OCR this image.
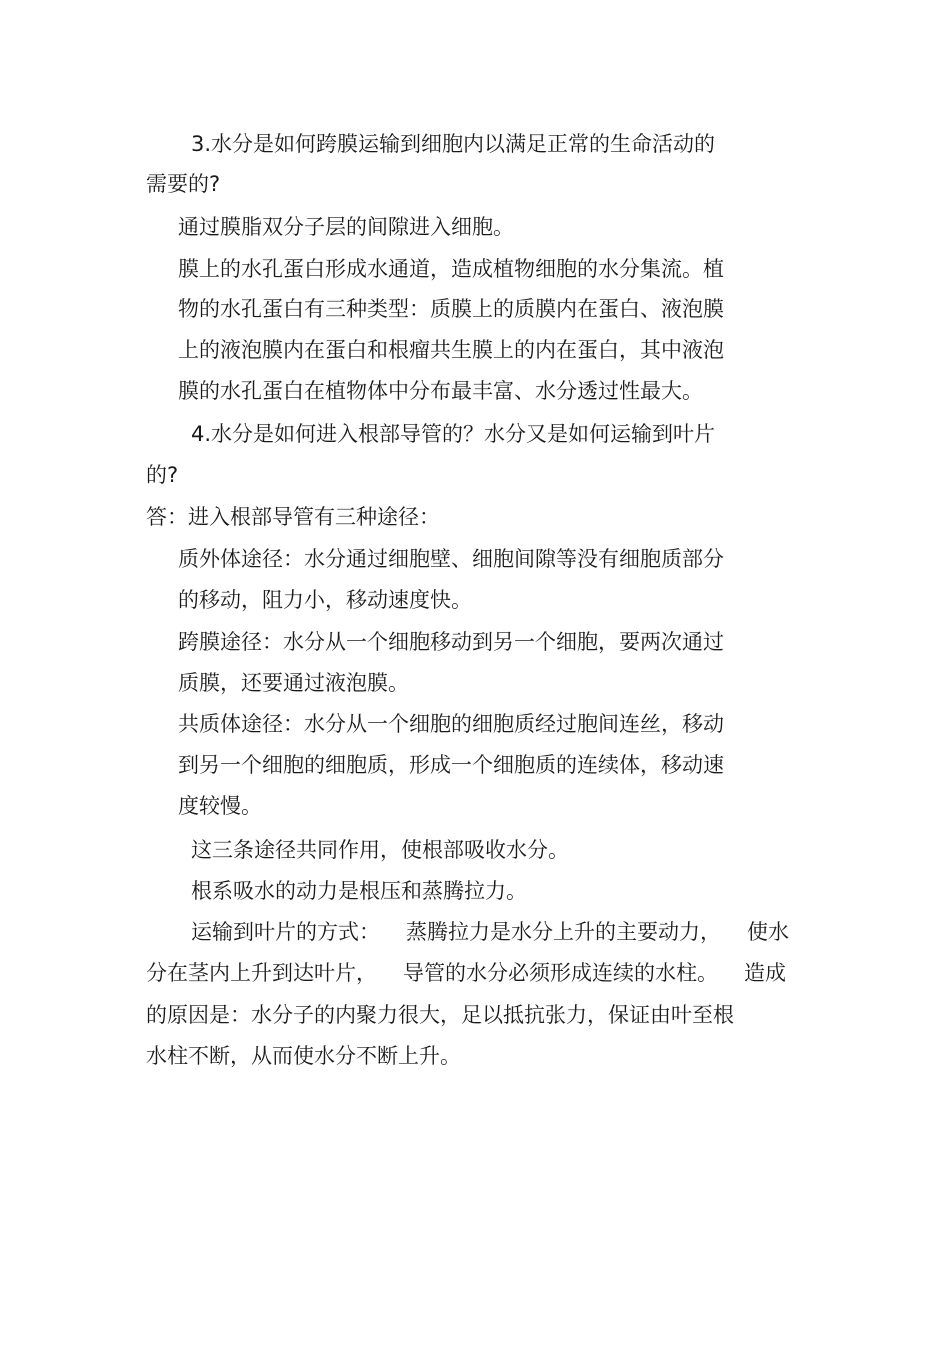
3.水分是如何跨膜运输到细胞内以满足正常的生命活动的

需要的?

通过膜脂双分子层的间隙进入细胞。

膜上的水孔蛋白形成水通道，造成植物细胞的水分集流。植

物的水孔蛋白有三种类型：质膜上的质膜内在蛋白、液泡膜

上的液泡膜内在蛋白和根瘤共生膜上的内在蛋白，其中液泡

膜的水孔蛋白在植物体中分布最丰富、水分透过性最大。

4.水分是如何进入根部导管的？水分又是如何运输到叶片

的?

答：进入根部导管有三种途径：

质外体途径：水分通过细胞壁、细胞间隙等没有细胞质部分

的移动，阻力小，移动速度快。

跨膜途径：水分从一个细胞移动到另一个细胞，要两次通过

质膜，还要通过液泡膜。

共质体途径：水分从一个细胞的细胞质经过胞间连丝，移动

到另一个细胞的细胞质，形成一个细胞质的连续体，移动速

度较慢。

这三条途径共同作用，使根部吸收水分。

根系吸水的动力是根压和蒸腾拉力。

运输到叶片的方式： 蒸腾拉力是水分上升的主要动力， 使水

分在茎内上升到达叶片， 导管的水分必须形成连续的水柱。 造成

的原因是：水分子的内聚力很大，足以抵抗张力，保证由叶至根

水柱不断，从而使水分不断上升。
